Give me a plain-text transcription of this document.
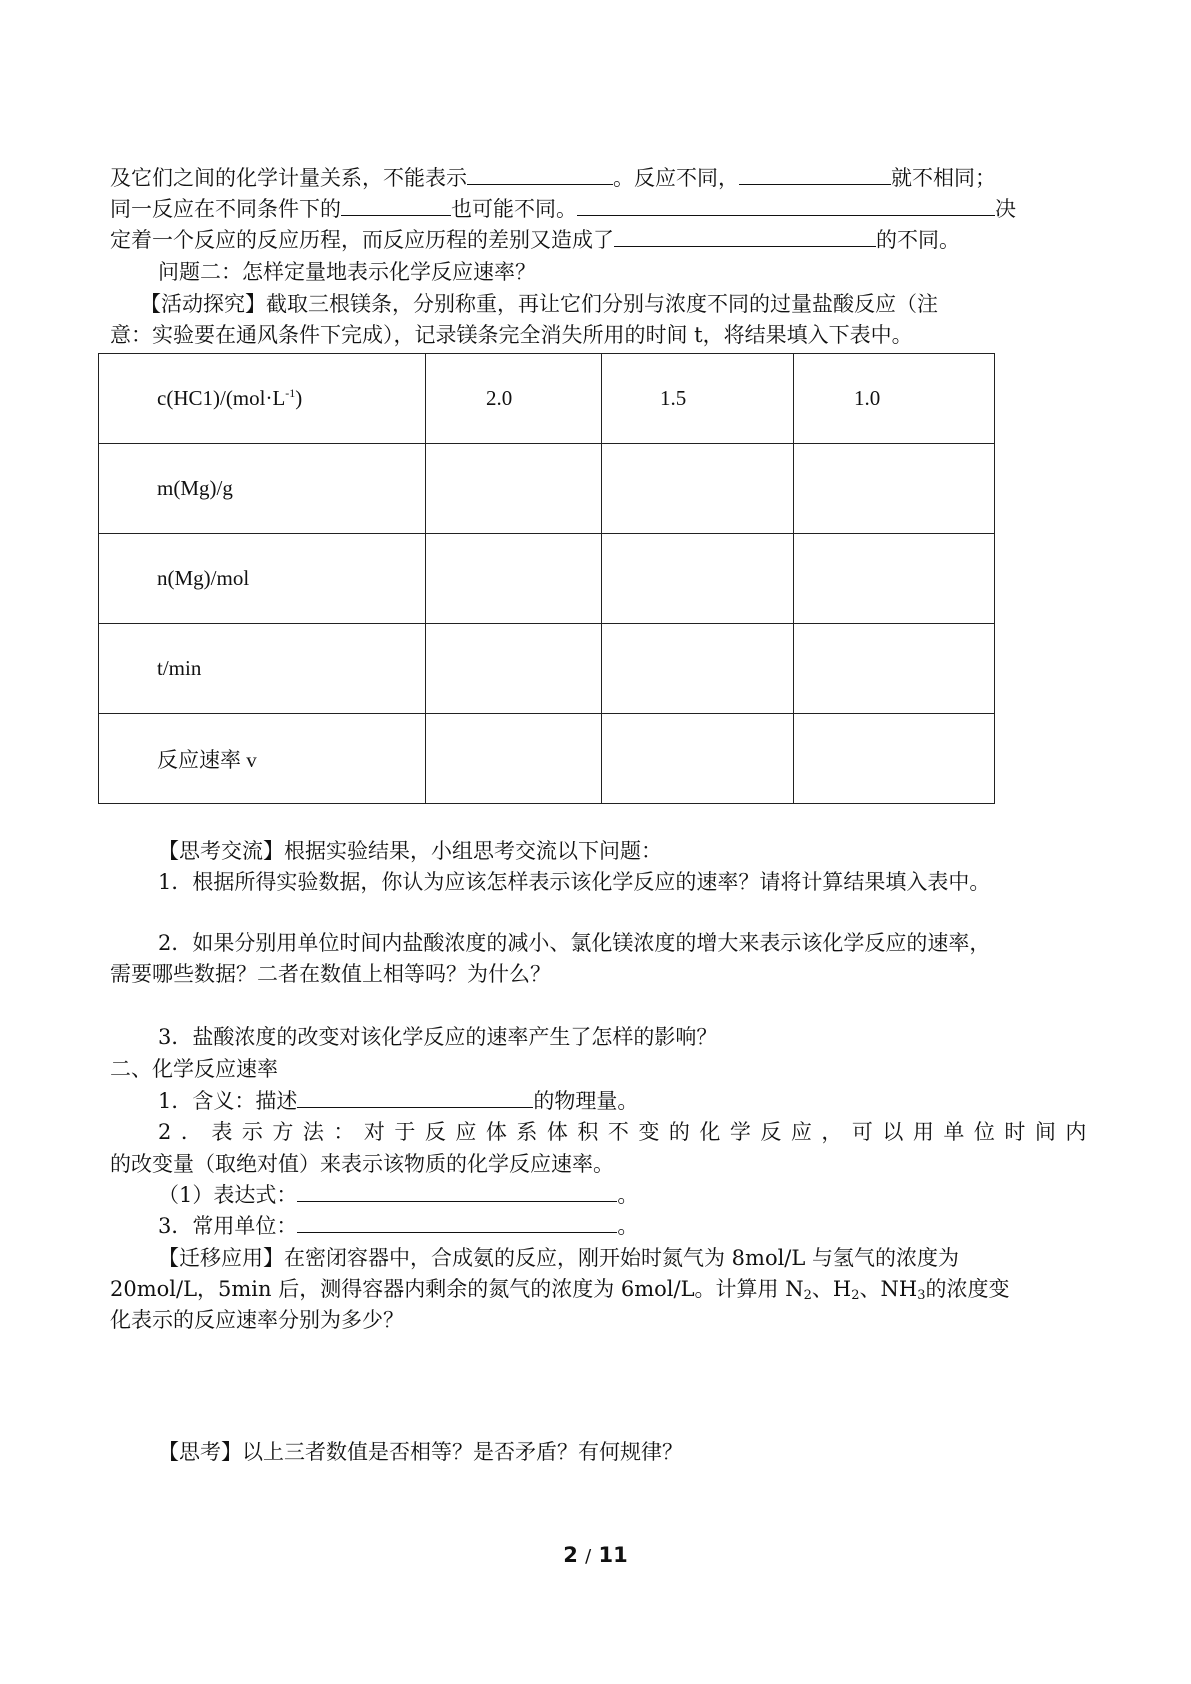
及它们之间的化学计量关系，不能表示	。反应不同，	就不相同；
同一反应在不同条件下的	也可能不同。	决
定着一个反应的反应历程，而反应历程的差别又造成了	的不同。
问题二：怎样定量地表示化学反应速率？
【活动探究】截取三根镁条，分别称重，再让它们分别与浓度不同的过量盐酸反应（注
意：实验要在通风条件下完成），记录镁条完全消失所用的时间 t，将结果填入下表中。
$c(HC1)/(mol\cdot L^{-1})$	2.0	1.5	1.0
m(Mg)/g			
n(Mg)/mol			
t/min			
反应速率 v			
【思考交流】根据实验结果，小组思考交流以下问题：
1．根据所得实验数据，你认为应该怎样表示该化学反应的速率？请将计算结果填入表中。
2．如果分别用单位时间内盐酸浓度的减小、氯化镁浓度的增大来表示该化学反应的速率，
需要哪些数据？二者在数值上相等吗？为什么？
3．盐酸浓度的改变对该化学反应的速率产生了怎样的影响？
二、化学反应速率
1．含义：描述	的物理量。
2．表示方法：对于反应体系体积不变的化学反应，可以用单位时间内
的改变量（取绝对值）来表示该物质的化学反应速率。
（1）表达式：	。
3．常用单位：	。
【迁移应用】在密闭容器中，合成氨的反应，刚开始时氮气为 8mol/L 与氢气的浓度为
20mol/L，5min 后，测得容器内剩余的氮气的浓度为 6mol/L。计算用 $N_2$、$H_2$、$NH_3$的浓度变
化表示的反应速率分别为多少？
【思考】以上三者数值是否相等？是否矛盾？有何规律？
2 / 11
